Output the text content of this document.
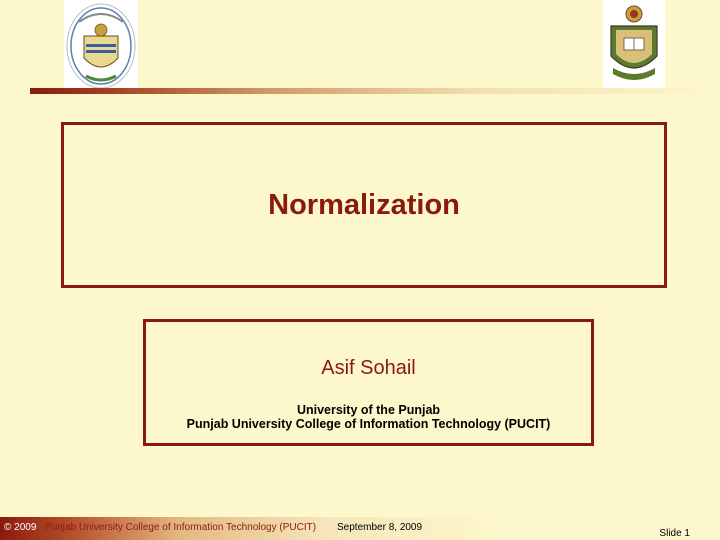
Normalization
Asif Sohail
University of the Punjab
Punjab University College of Information Technology (PUCIT)
© 2009 Punjab University College of Information Technology (PUCIT) September 8, 2009
Slide 1
